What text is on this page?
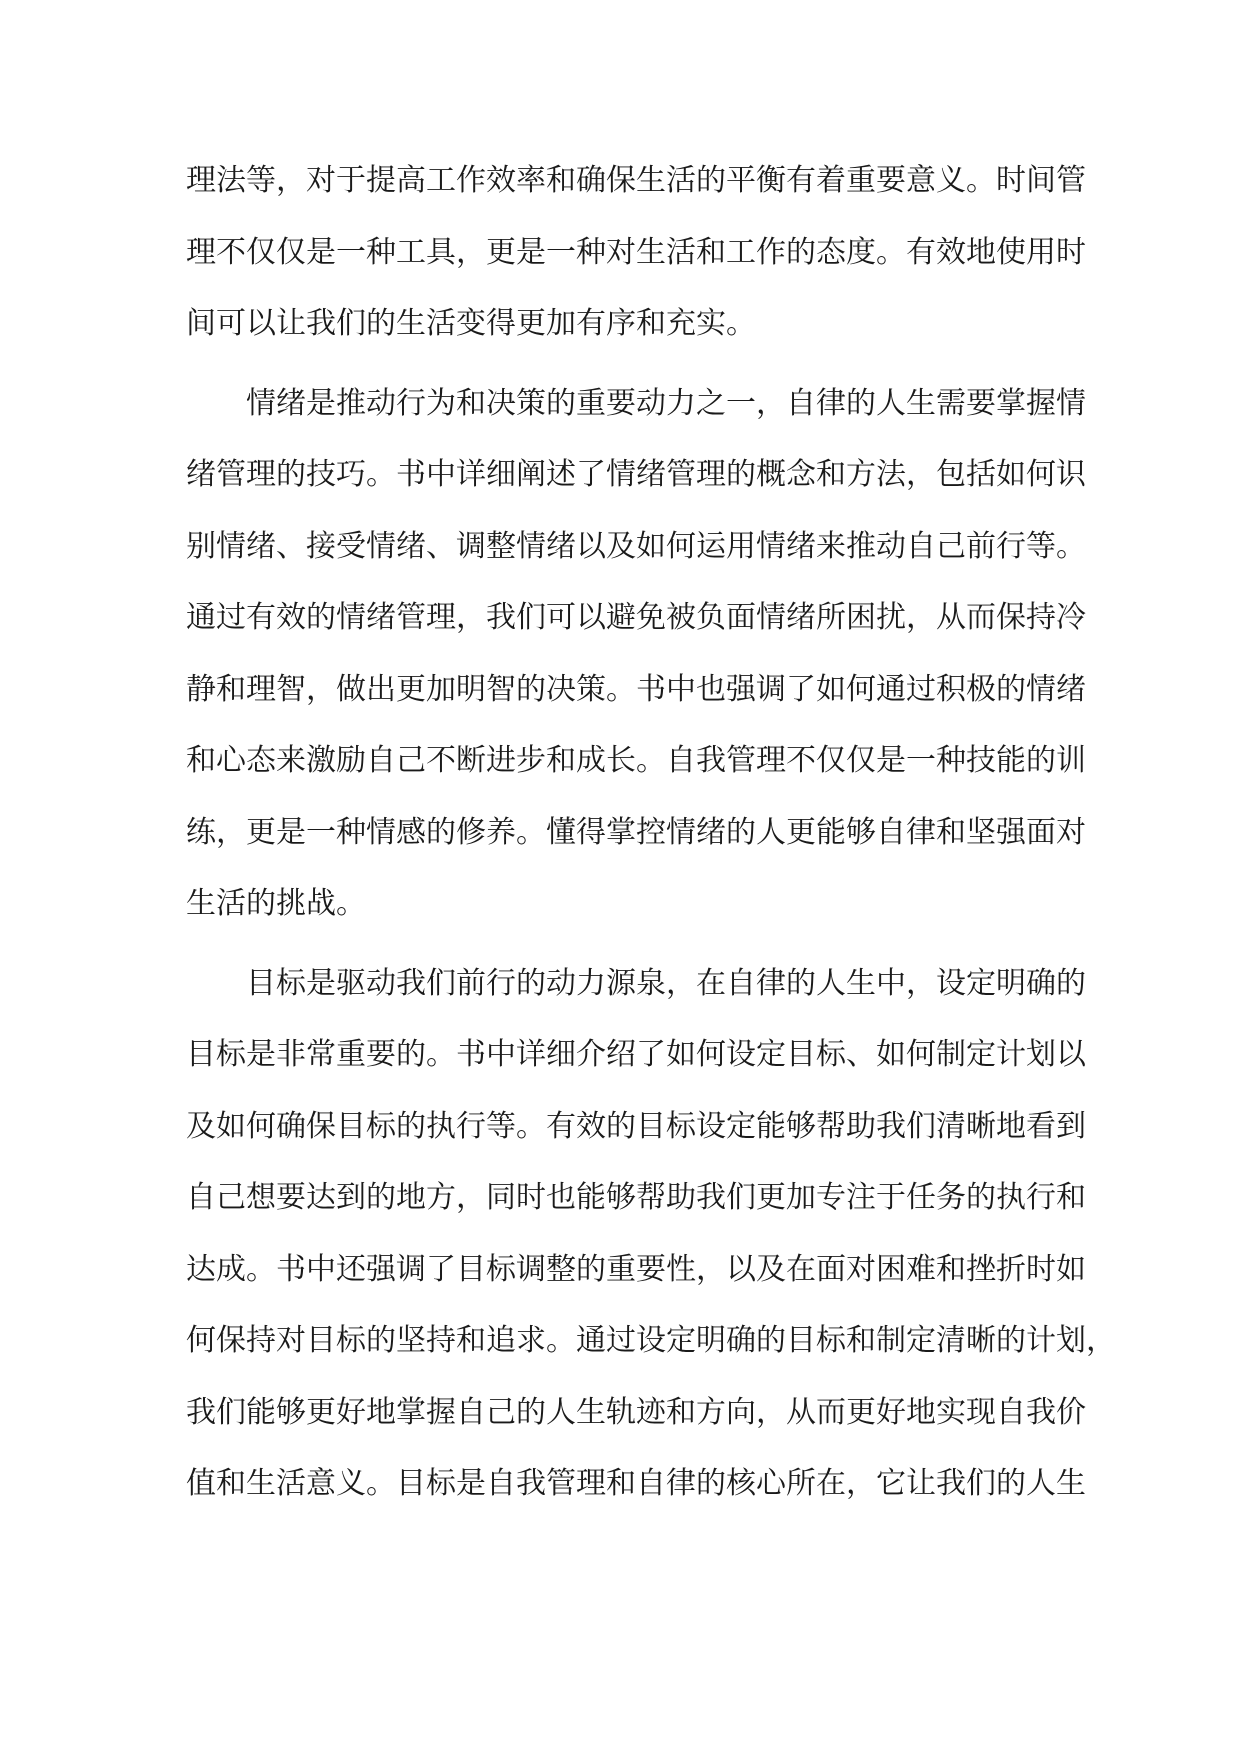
理法等，对于提高工作效率和确保生活的平衡有着重要意义。时间管
理不仅仅是一种工具，更是一种对生活和工作的态度。有效地使用时
间可以让我们的生活变得更加有序和充实。
　　情绪是推动行为和决策的重要动力之一，自律的人生需要掌握情
绪管理的技巧。书中详细阐述了情绪管理的概念和方法，包括如何识
别情绪、接受情绪、调整情绪以及如何运用情绪来推动自己前行等。
通过有效的情绪管理，我们可以避免被负面情绪所困扰，从而保持冷
静和理智，做出更加明智的决策。书中也强调了如何通过积极的情绪
和心态来激励自己不断进步和成长。自我管理不仅仅是一种技能的训
练，更是一种情感的修养。懂得掌控情绪的人更能够自律和坚强面对
生活的挑战。
　　目标是驱动我们前行的动力源泉，在自律的人生中，设定明确的
目标是非常重要的。书中详细介绍了如何设定目标、如何制定计划以
及如何确保目标的执行等。有效的目标设定能够帮助我们清晰地看到
自己想要达到的地方，同时也能够帮助我们更加专注于任务的执行和
达成。书中还强调了目标调整的重要性，以及在面对困难和挫折时如
何保持对目标的坚持和追求。通过设定明确的目标和制定清晰的计划，
我们能够更好地掌握自己的人生轨迹和方向，从而更好地实现自我价
值和生活意义。目标是自我管理和自律的核心所在，它让我们的人生
